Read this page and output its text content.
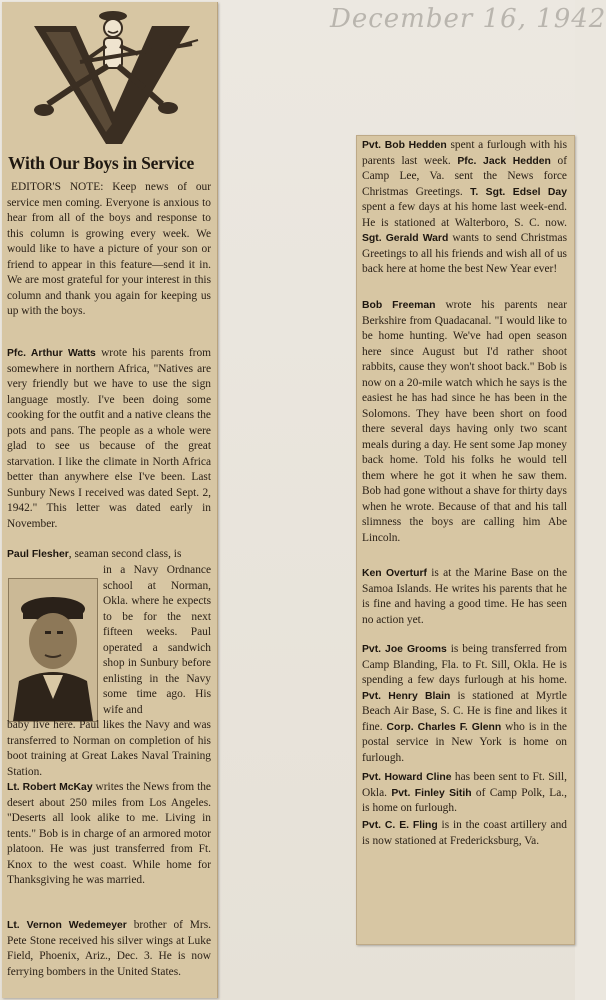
December 16, 1942
With Our Boys in Service
EDITOR'S NOTE: Keep news of our service men coming. Everyone is anxious to hear from all of the boys and response to this column is growing every week. We would like to have a picture of your son or friend to appear in this feature—send it in. We are most grateful for your interest in this column and thank you again for keeping us up with the boys.
Pfc. Arthur Watts wrote his parents from somewhere in northern Africa, "Natives are very friendly but we have to use the sign language mostly. I've been doing some cooking for the outfit and a native cleans the pots and pans. The people as a whole were glad to see us because of the great starvation. I like the climate in North Africa better than anywhere else I've been. Last Sunbury News I received was dated Sept. 2, 1942." This letter was dated early in November.
Paul Flesher, seaman second class, is
in a Navy Ordnance school at Norman, Okla. where he expects to be for the next fifteen weeks. Paul operated a sandwich shop in Sunbury before enlisting in the Navy some time ago. His wife and
baby live here. Paul likes the Navy and was transferred to Norman on completion of his boot training at Great Lakes Naval Training Station.
Lt. Robert McKay writes the News from the desert about 250 miles from Los Angeles. "Deserts all look alike to me. Living in tents." Bob is in charge of an armored motor platoon. He was just transferred from Ft. Knox to the west coast. While home for Thanksgiving he was married.
Lt. Vernon Wedemeyer brother of Mrs. Pete Stone received his silver wings at Luke Field, Phoenix, Ariz., Dec. 3. He is now ferrying bombers in the United States.
Pvt. Bob Hedden spent a furlough with his parents last week. Pfc. Jack Hedden of Camp Lee, Va. sent the News force Christmas Greetings. T. Sgt. Edsel Day spent a few days at his home last week-end. He is stationed at Walterboro, S. C. now. Sgt. Gerald Ward wants to send Christmas Greetings to all his friends and wish all of us back here at home the best New Year ever!
Bob Freeman wrote his parents near Berkshire from Quadacanal. "I would like to be home hunting. We've had open season here since August but I'd rather shoot rabbits, cause they won't shoot back." Bob is now on a 20-mile watch which he says is the easiest he has had since he has been in the Solomons. They have been short on food there several days having only two scant meals during a day. He sent some Jap money back home. Told his folks he would tell them where he got it when he saw them. Bob had gone without a shave for thirty days when he wrote. Because of that and his tall slimness the boys are calling him Abe Lincoln.
Ken Overturf is at the Marine Base on the Samoa Islands. He writes his parents that he is fine and having a good time. He has seen no action yet.
Pvt. Joe Grooms is being transferred from Camp Blanding, Fla. to Ft. Sill, Okla. He is spending a few days furlough at his home. Pvt. Henry Blain is stationed at Myrtle Beach Air Base, S. C. He is fine and likes it fine. Corp. Charles F. Glenn who is in the postal service in New York is home on furlough.
Pvt. Howard Cline has been sent to Ft. Sill, Okla. Pvt. Finley Sitih of Camp Polk, La., is home on furlough.
Pvt. C. E. Fling is in the coast artillery and is now stationed at Fredericksburg, Va.
